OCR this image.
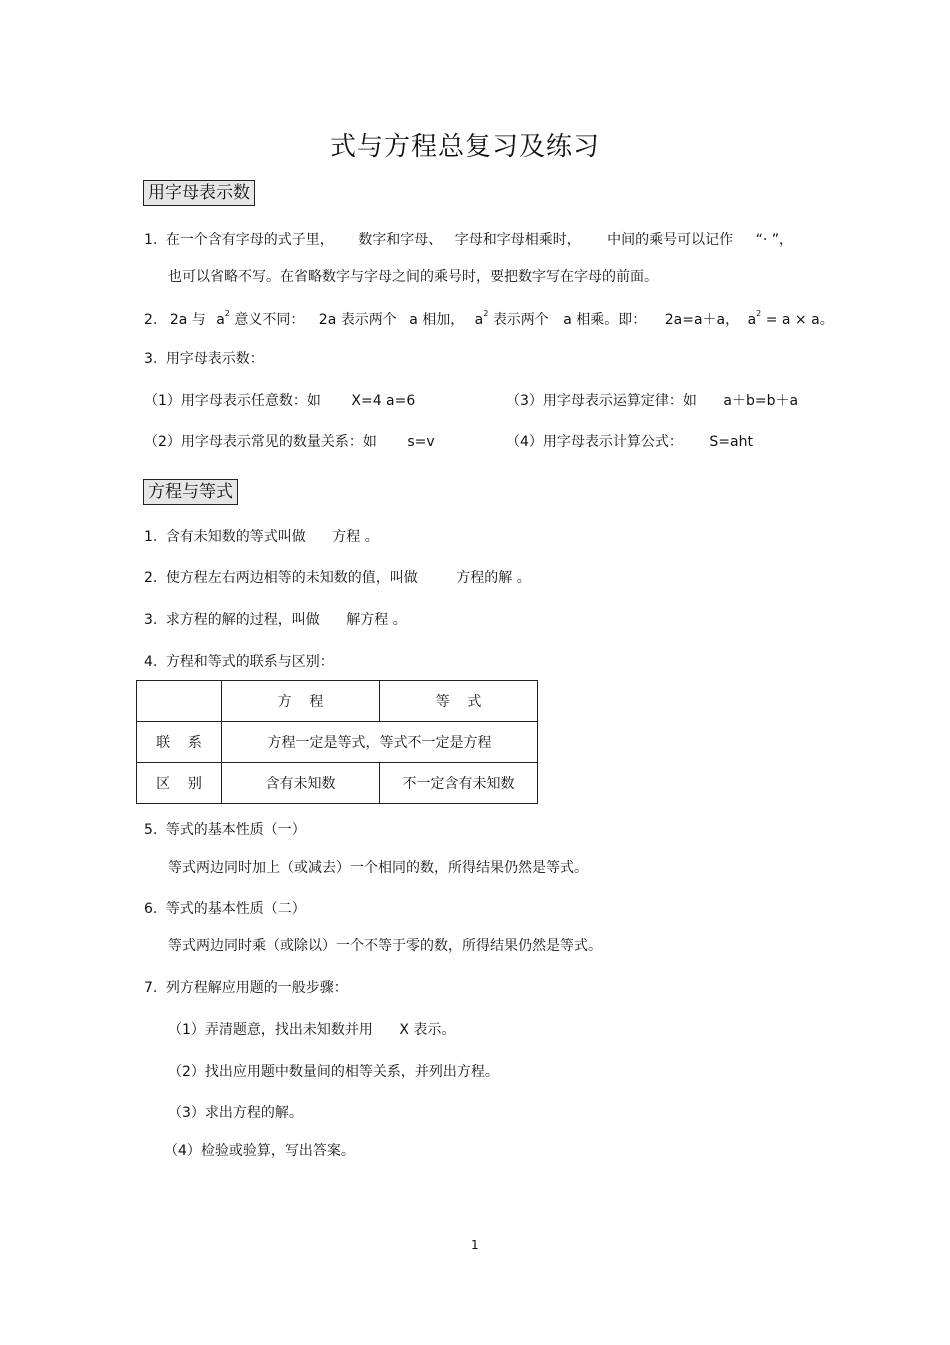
式与方程总复习及练习
用字母表示数
1. 在一个含有字母的式子里， 数字和字母、 字母和字母相乘时， 中间的乘号可以记作 “· ”，
也可以省略不写。在省略数字与字母之间的乘号时，要把数字写在字母的前面。
2. 2a 与 $a^2$ 意义不同： 2a 表示两个 a 相加， $a^2$ 表示两个 a 相乘。即： 2a=a＋a， $a^2 = a \times a$。
3. 用字母表示数：
（1）用字母表示任意数：如 X=4 a=6	（3）用字母表示运算定律：如 a＋b=b＋a
（2）用字母表示常见的数量关系：如 s=v	（4）用字母表示计算公式： S=aht
方程与等式
1. 含有未知数的等式叫做 方程 。
2. 使方程左右两边相等的未知数的值，叫做	方程的解 。
3. 求方程的解的过程，叫做 解方程 。
4. 方程和等式的联系与区别：
	方    程	等    式
联    系	方程一定是等式，等式不一定是方程	
区    别	含有未知数	不一定含有未知数
5. 等式的基本性质（一）
等式两边同时加上（或减去）一个相同的数，所得结果仍然是等式。
6. 等式的基本性质（二）
等式两边同时乘（或除以）一个不等于零的数，所得结果仍然是等式。
7. 列方程解应用题的一般步骤：
（1）弄清题意，找出未知数并用 X 表示。
（2）找出应用题中数量间的相等关系，并列出方程。
（3）求出方程的解。
（4）检验或验算，写出答案。
1
